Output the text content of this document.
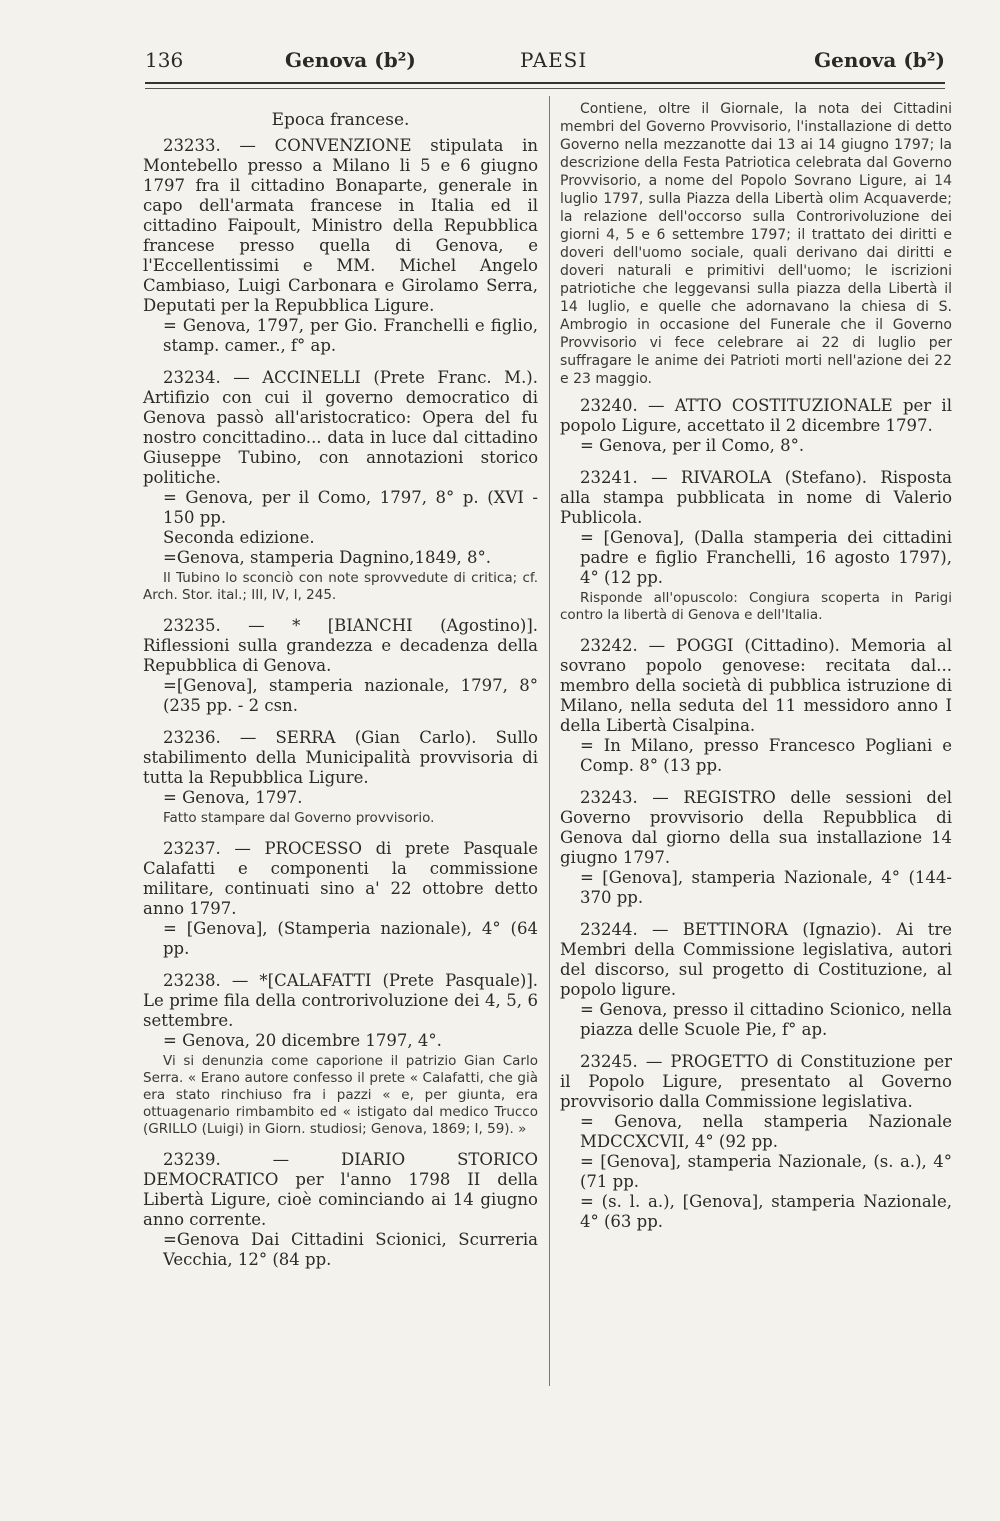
136	Genova (b²)	PAESI	Genova (b²)
Epoca francese.

23233. — CONVENZIONE stipulata in Montebello presso a Milano li 5 e 6 giugno 1797 fra il cittadino Bonaparte, generale in capo dell'armata francese in Italia ed il cittadino Faipoult, Ministro della Repubblica francese presso quella di Genova, e l'Eccellentissimi e MM. Michel Angelo Cambiaso, Luigi Carbonara e Girolamo Serra, Deputati per la Repubblica Ligure.

= Genova, 1797, per Gio. Franchelli e figlio, stamp. camer., f° ap.

23234. — ACCINELLI (Prete Franc. M.). Artifizio con cui il governo democratico di Genova passò all'aristocratico: Opera del fu nostro concittadino... data in luce dal cittadino Giuseppe Tubino, con annotazioni storico politiche.

= Genova, per il Como, 1797, 8° p. (XVI - 150 pp.

Seconda edizione.

=Genova, stamperia Dagnino,1849, 8°.

Il Tubino lo sconciò con note sprovvedute di critica; cf. Arch. Stor. ital.; III, IV, I, 245.

23235. — * [BIANCHI (Agostino)]. Riflessioni sulla grandezza e decadenza della Repubblica di Genova.

=[Genova], stamperia nazionale, 1797, 8° (235 pp. - 2 csn.

23236. — SERRA (Gian Carlo). Sullo stabilimento della Municipalità provvisoria di tutta la Repubblica Ligure.

= Genova, 1797.

Fatto stampare dal Governo provvisorio.

23237. — PROCESSO di prete Pasquale Calafatti e componenti la commissione militare, continuati sino a' 22 ottobre detto anno 1797.

= [Genova], (Stamperia nazionale), 4° (64 pp.

23238. — *[CALAFATTI (Prete Pasquale)]. Le prime fila della controrivoluzione dei 4, 5, 6 settembre.

= Genova, 20 dicembre 1797, 4°.

Vi si denunzia come caporione il patrizio Gian Carlo Serra. « Erano autore confesso il prete « Calafatti, che già era stato rinchiuso fra i pazzi « e, per giunta, era ottuagenario rimbambito ed « istigato dal medico Trucco (GRILLO (Luigi) in Giorn. studiosi; Genova, 1869; I, 59). »

23239.	— DIARIO STORICO DEMOCRATICO per l'anno 1798 II della Libertà Ligure, cioè cominciando ai 14 giugno anno corrente.

=Genova Dai Cittadini Scionici, Scurreria Vecchia, 12° (84 pp.

Contiene, oltre il Giornale, la nota dei Cittadini membri del Governo Provvisorio, l'installazione di detto Governo nella mezzanotte dai 13 ai 14 giugno 1797; la descrizione della Festa Patriotica celebrata dal Governo Provvisorio, a nome del Popolo Sovrano Ligure, ai 14 luglio 1797, sulla Piazza della Libertà olim Acquaverde; la relazione dell'occorso sulla Controrivoluzione dei giorni 4, 5 e 6 settembre 1797; il trattato dei diritti e doveri dell'uomo sociale, quali derivano dai diritti e doveri naturali e primitivi dell'uomo; le iscrizioni patriotiche che leggevansi sulla piazza della Libertà il 14 luglio, e quelle che adornavano la chiesa di S. Ambrogio in occasione del Funerale che il Governo Provvisorio vi fece celebrare ai 22 di luglio per suffragare le anime dei Patrioti morti nell'azione dei 22 e 23 maggio.

23240. — ATTO COSTITUZIONALE per il popolo Ligure, accettato il 2 dicembre 1797.

= Genova, per il Como, 8°.

23241. — RIVAROLA (Stefano). Risposta alla stampa pubblicata in nome di Valerio Publicola.

= [Genova], (Dalla stamperia dei cittadini padre e figlio Franchelli, 16 agosto 1797), 4° (12 pp.

Risponde all'opuscolo: Congiura scoperta in Parigi contro la libertà di Genova e dell'Italia.

23242. — POGGI (Cittadino). Memoria al sovrano popolo genovese: recitata dal... membro della società di pubblica istruzione di Milano, nella seduta del 11 messidoro anno I della Libertà Cisalpina.

= In Milano, presso Francesco Pogliani e Comp. 8° (13 pp.

23243. — REGISTRO delle sessioni del Governo provvisorio della Repubblica di Genova dal giorno della sua installazione 14 giugno 1797.

= [Genova], stamperia Nazionale, 4° (144-370 pp.

23244. — BETTINORA (Ignazio). Ai tre Membri della Commissione legislativa, autori del discorso, sul progetto di Costituzione, al popolo ligure.

= Genova, presso il cittadino Scionico, nella piazza delle Scuole Pie, f° ap.

23245. — PROGETTO di Constituzione per il Popolo Ligure, presentato al Governo provvisorio dalla Commissione legislativa.

= Genova, nella stamperia Nazionale MDCCXCVII, 4° (92 pp.

= [Genova], stamperia Nazionale, (s. a.), 4° (71 pp.

= (s. l. a.), [Genova], stamperia Nazionale, 4° (63 pp.
